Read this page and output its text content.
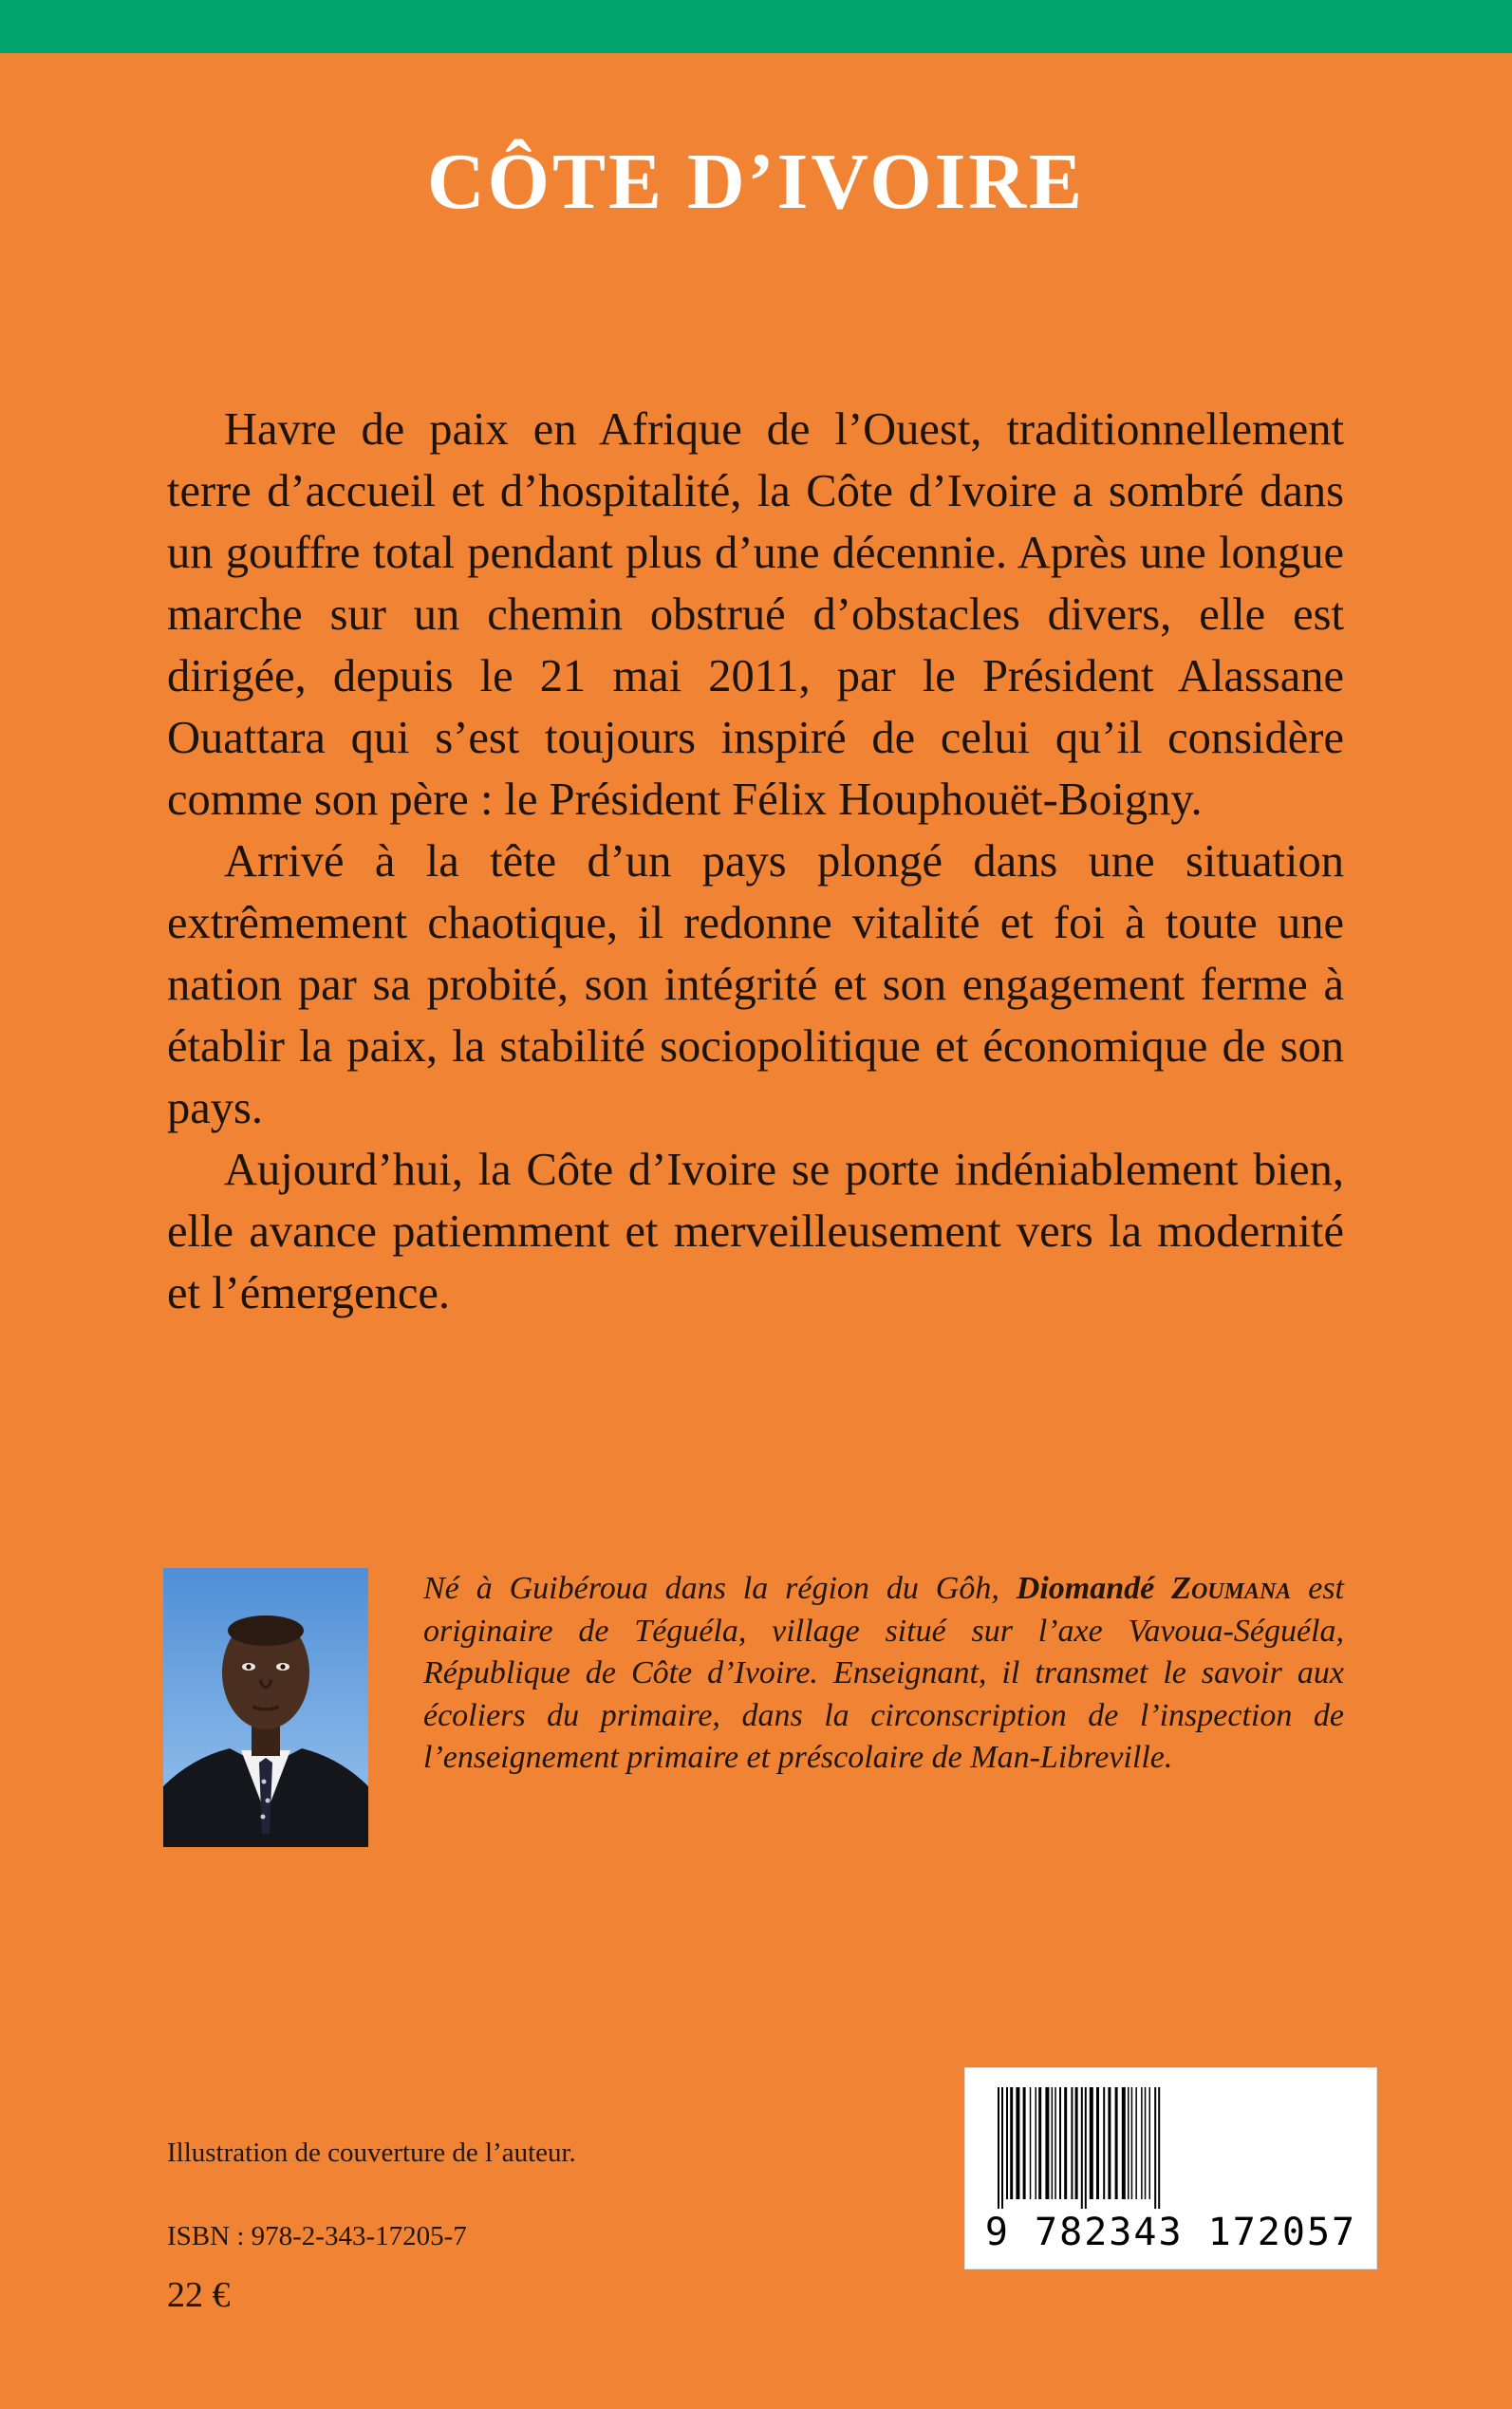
CÔTE D’IVOIRE

Havre de paix en Afrique de l’Ouest, traditionnellement terre d’accueil et d’hospitalité, la Côte d’Ivoire a sombré dans un gouffre total pendant plus d’une décennie. Après une longue marche sur un chemin obstrué d’obstacles divers, elle est dirigée, depuis le 21 mai 2011, par le Président Alassane Ouattara qui s’est toujours inspiré de celui qu’il considère comme son père : le Président Félix Houphouët-Boigny.

Arrivé à la tête d’un pays plongé dans une situation extrêmement chaotique, il redonne vitalité et foi à toute une nation par sa probité, son intégrité et son engagement ferme à établir la paix, la stabilité sociopolitique et économique de son pays.

Aujourd’hui, la Côte d’Ivoire se porte indéniablement bien, elle avance patiemment et merveilleusement vers la modernité et l’émergence.

Né à Guibéroua dans la région du Gôh, Diomandé Zoumana est originaire de Téguéla, village situé sur l’axe Vavoua-Séguéla, République de Côte d’Ivoire. Enseignant, il transmet le savoir aux écoliers du primaire, dans la circonscription de l’inspection de l’enseignement primaire et préscolaire de Man-Libreville.
Illustration de couverture de l’auteur.
ISBN : 978-2-343-17205-7
22 €
9 782343 172057
